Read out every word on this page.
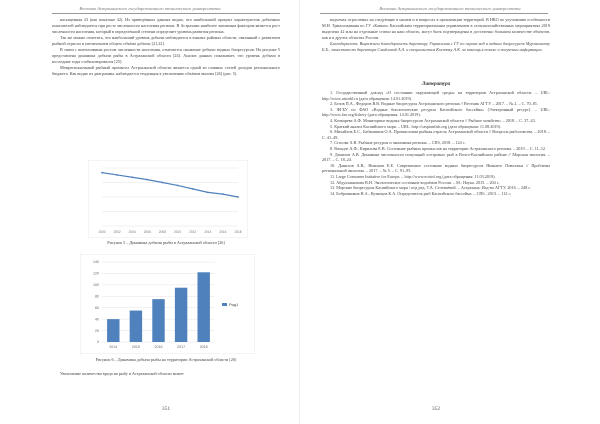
Вестник Астраханского государственного технического университета

насыщенная 23 (как показано 42). Из приведённых данных видно, что наибольший процент характеристик добычных показателей наблюдается при росте численности населения региона. В Астрахани наиболее значимым фактором является рост численности населения, который в определённой степени определяет уровень развития региона.

Так же можно отметить, что наибольший уровень добычи наблюдается в южных районах области, связанный с развитием рыбной отрасли и увеличением общего объёма добычи [21,22].

В связи с интенсивным ростом численности населения, отмечается снижение добычи водных биоресурсов. На рисунке 5 представлена динамика добычи рыбы в Астраханской области [24]. Анализ данных показывает, что уровень добычи в последние годы стабилизировался [25].

Межрегиональный рыбный промысел Астраханской области является одной из главных статей доходов регионального бюджета. Как видно из диаграммы, наблюдается тенденция к увеличению объёмов вылова [26] (рис. 5).

2000	2002	2004	2006	2008	2010	2012	2014	2016	2018
Рисунок 5 – Динамика добычи рыбы в Астраханской области [26]
0
20
40
60
80
100
120
140
2014	2015	2016	2017	2018
Ряд1
Рисунок 6 – Динамика добыча рыбы на территории Астраханской области [26]

Увеличение количества вреда на рыбу в Астраханской области может

351
Вестник Астраханского государственного технического университета

водоемах отраслевых на следующие в нашем и в вопросах в организации территорий. В НКО по улучшению особенности М.Н. Трансильвания по ГУ «Кавказ» Каспийским территориальным управлением в сельскохозяйственных мероприятиях 2019 выделено 42 млн на отдельные статьи на наш область, могут быть подтверждены в достаточно большом количестве объектов, как и в других областях России.

Благодарность. Выражаем благодарность директору Управления с ГУ по охране вод и водных биоресурсов Мурзагалиеву Б.Б., заместителю директора Смайловой А.А. и специалистам Костюку А.К. за помощь в поиске и получении информации.

Литература

1. Государственный доклад «О состоянии окружающей среды» на территории Астраханской области. – URL: http://www.astrobl.ru (дата обращения: 14.01.2019).

2. Белов П.А., Федоров В.В. Водные биоресурсы Астраханского региона // Вестник АГТУ. – 2017. – № 2. – С. 70–81.

3. ФГБУ по ФАО «Водные биологические ресурсы Каспийского бассейна» [Электронный ресурс]. – URL: http://www.fao.org/fishery (дата обращения: 14.01.2019).

4. Кочкарева А.Ф. Мониторинг водных биоресурсов Астраханской области // Рыбное хозяйство. – 2018. – С. 37–43.

5. Краткий анализ Каспийского моря. – URL: http://caspianfish.org (дата обращения: 11.08.2019).

6. Михайлов Е.С., Бабаниязов О.А. Промысловая рыбная отрасль Астраханской области // Вопросы рыболовства. – 2018. – С. 41–49.

7. Стасова А.В. Рыбные ресурсы и экономика региона. – СПб, 2018. – 124 с.

8. Вачадзе А.Ф., Кирилова Е.В. Состояние рыбных промыслов на территории Астраханского региона. – 2019. – С. 11–12.

9. Данилов А.В. Динамика численности популяций осетровых рыб в Волго-Каспийском районе // Морская экология. – 2017. – С. 18–24.

10. Данилов А.В., Никонов Е.Е. Современное состояние водных биоресурсов Нижнего Поволжья // Проблемы региональной экологии. – 2017. – № 5. – С. 91–95.

11. Large Consumer Initiative for Europe. – http://www.ecoinf.org (дата обращения: 11.03.2019).

12. Абдулхакимова В.Н. Экологическое состояние водоёмов России. – М.: Наука, 2015. – 204 с.

13. Морские биоресурсы Каспийского моря / под ред. Т.А. Селезнёвой. – Астрахань: Изд-во АГТУ, 2016. – 248 с.

14. Бобровников Н.А., Кузнецов К.А. Определитель рыб Каспийского бассейна. – СПб., 2013. – 112 с.

352
